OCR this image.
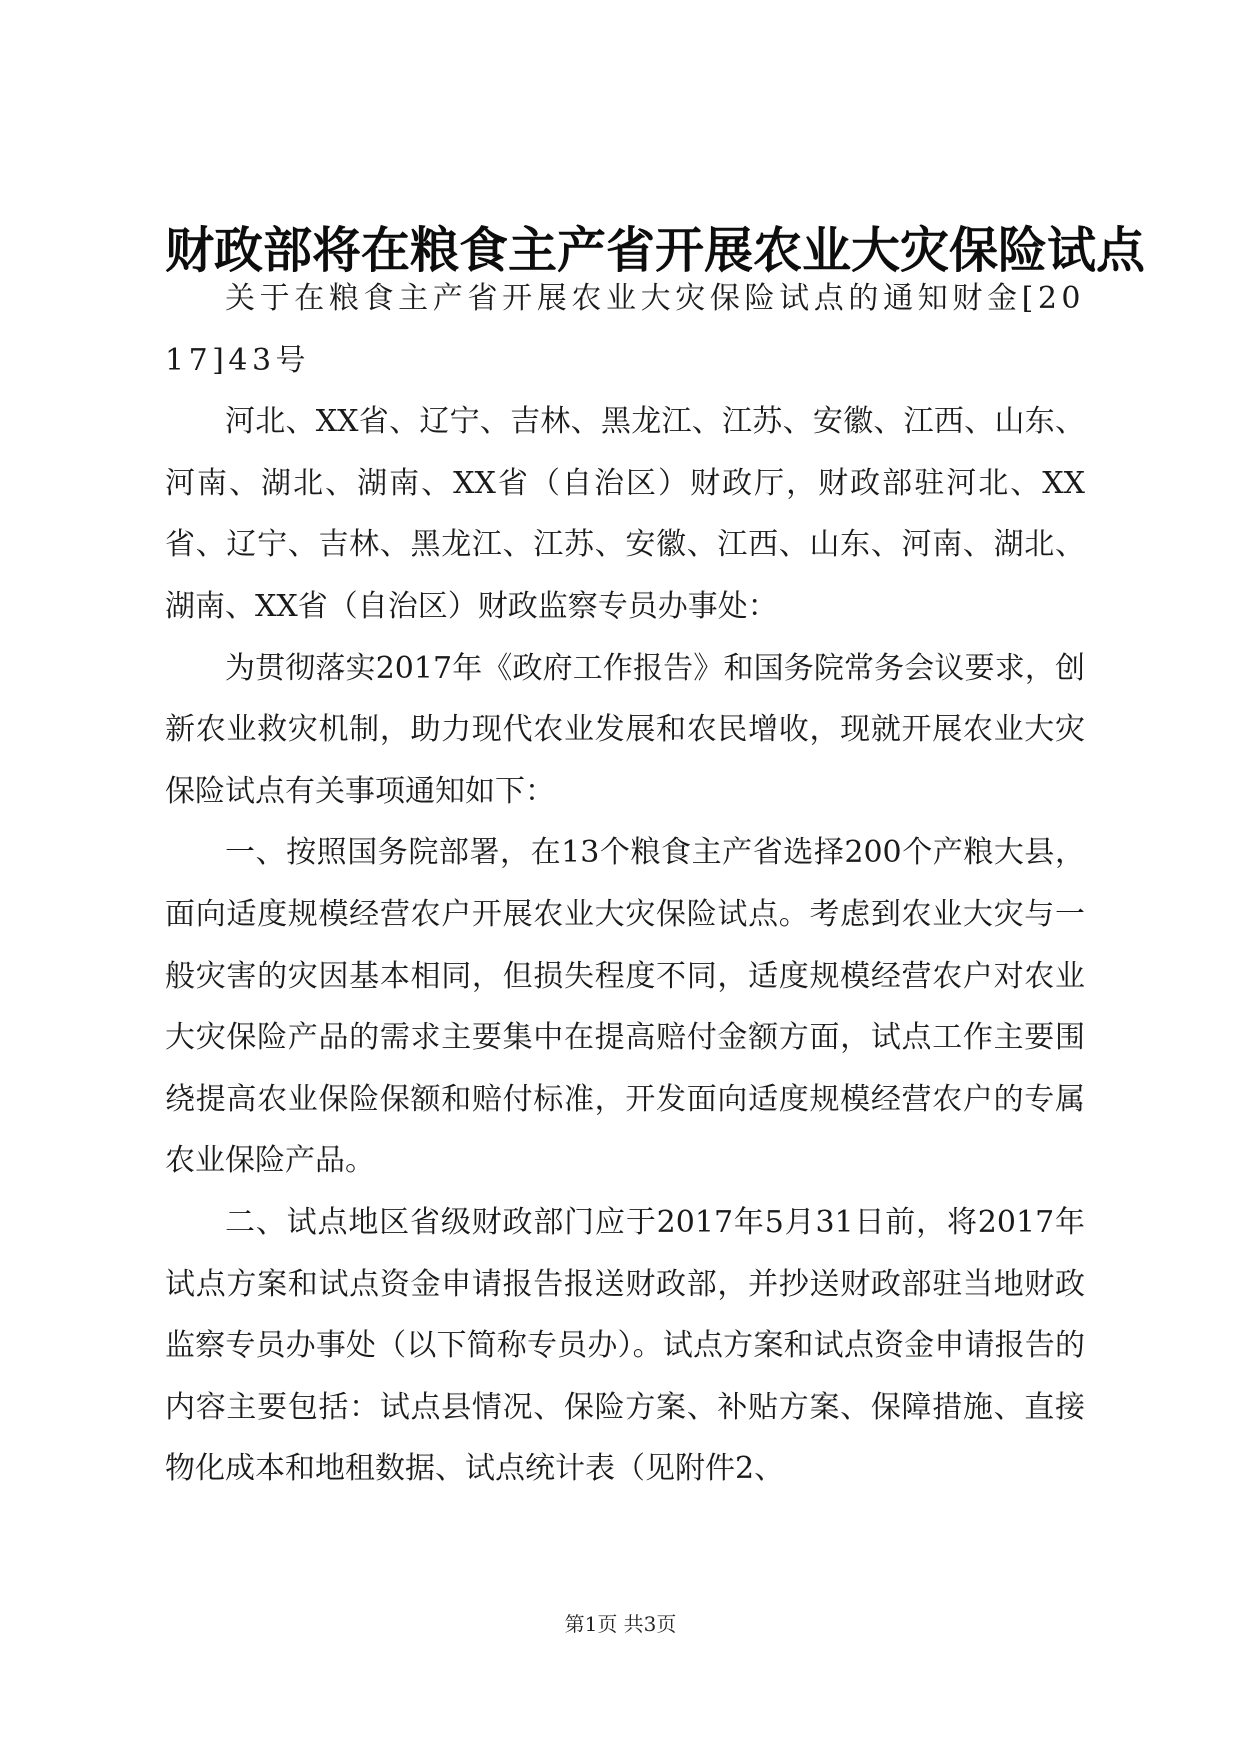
财政部将在粮食主产省开展农业大灾保险试点

关于在粮食主产省开展农业大灾保险试点的通知财金[2017]43号

河北、XX省、辽宁、吉林、黑龙江、江苏、安徽、江西、山东、河南、湖北、湖南、XX省（自治区）财政厅，财政部驻河北、XX省、辽宁、吉林、黑龙江、江苏、安徽、江西、山东、河南、湖北、湖南、XX省（自治区）财政监察专员办事处：

为贯彻落实2017年《政府工作报告》和国务院常务会议要求，创新农业救灾机制，助力现代农业发展和农民增收，现就开展农业大灾保险试点有关事项通知如下：

一、按照国务院部署，在13个粮食主产省选择200个产粮大县，面向适度规模经营农户开展农业大灾保险试点。考虑到农业大灾与一般灾害的灾因基本相同，但损失程度不同，适度规模经营农户对农业大灾保险产品的需求主要集中在提高赔付金额方面，试点工作主要围绕提高农业保险保额和赔付标准，开发面向适度规模经营农户的专属农业保险产品。

二、试点地区省级财政部门应于2017年5月31日前，将2017年试点方案和试点资金申请报告报送财政部，并抄送财政部驻当地财政监察专员办事处（以下简称专员办）。试点方案和试点资金申请报告的内容主要包括：试点县情况、保险方案、补贴方案、保障措施、直接物化成本和地租数据、试点统计表（见附件2、

第1页 共3页
